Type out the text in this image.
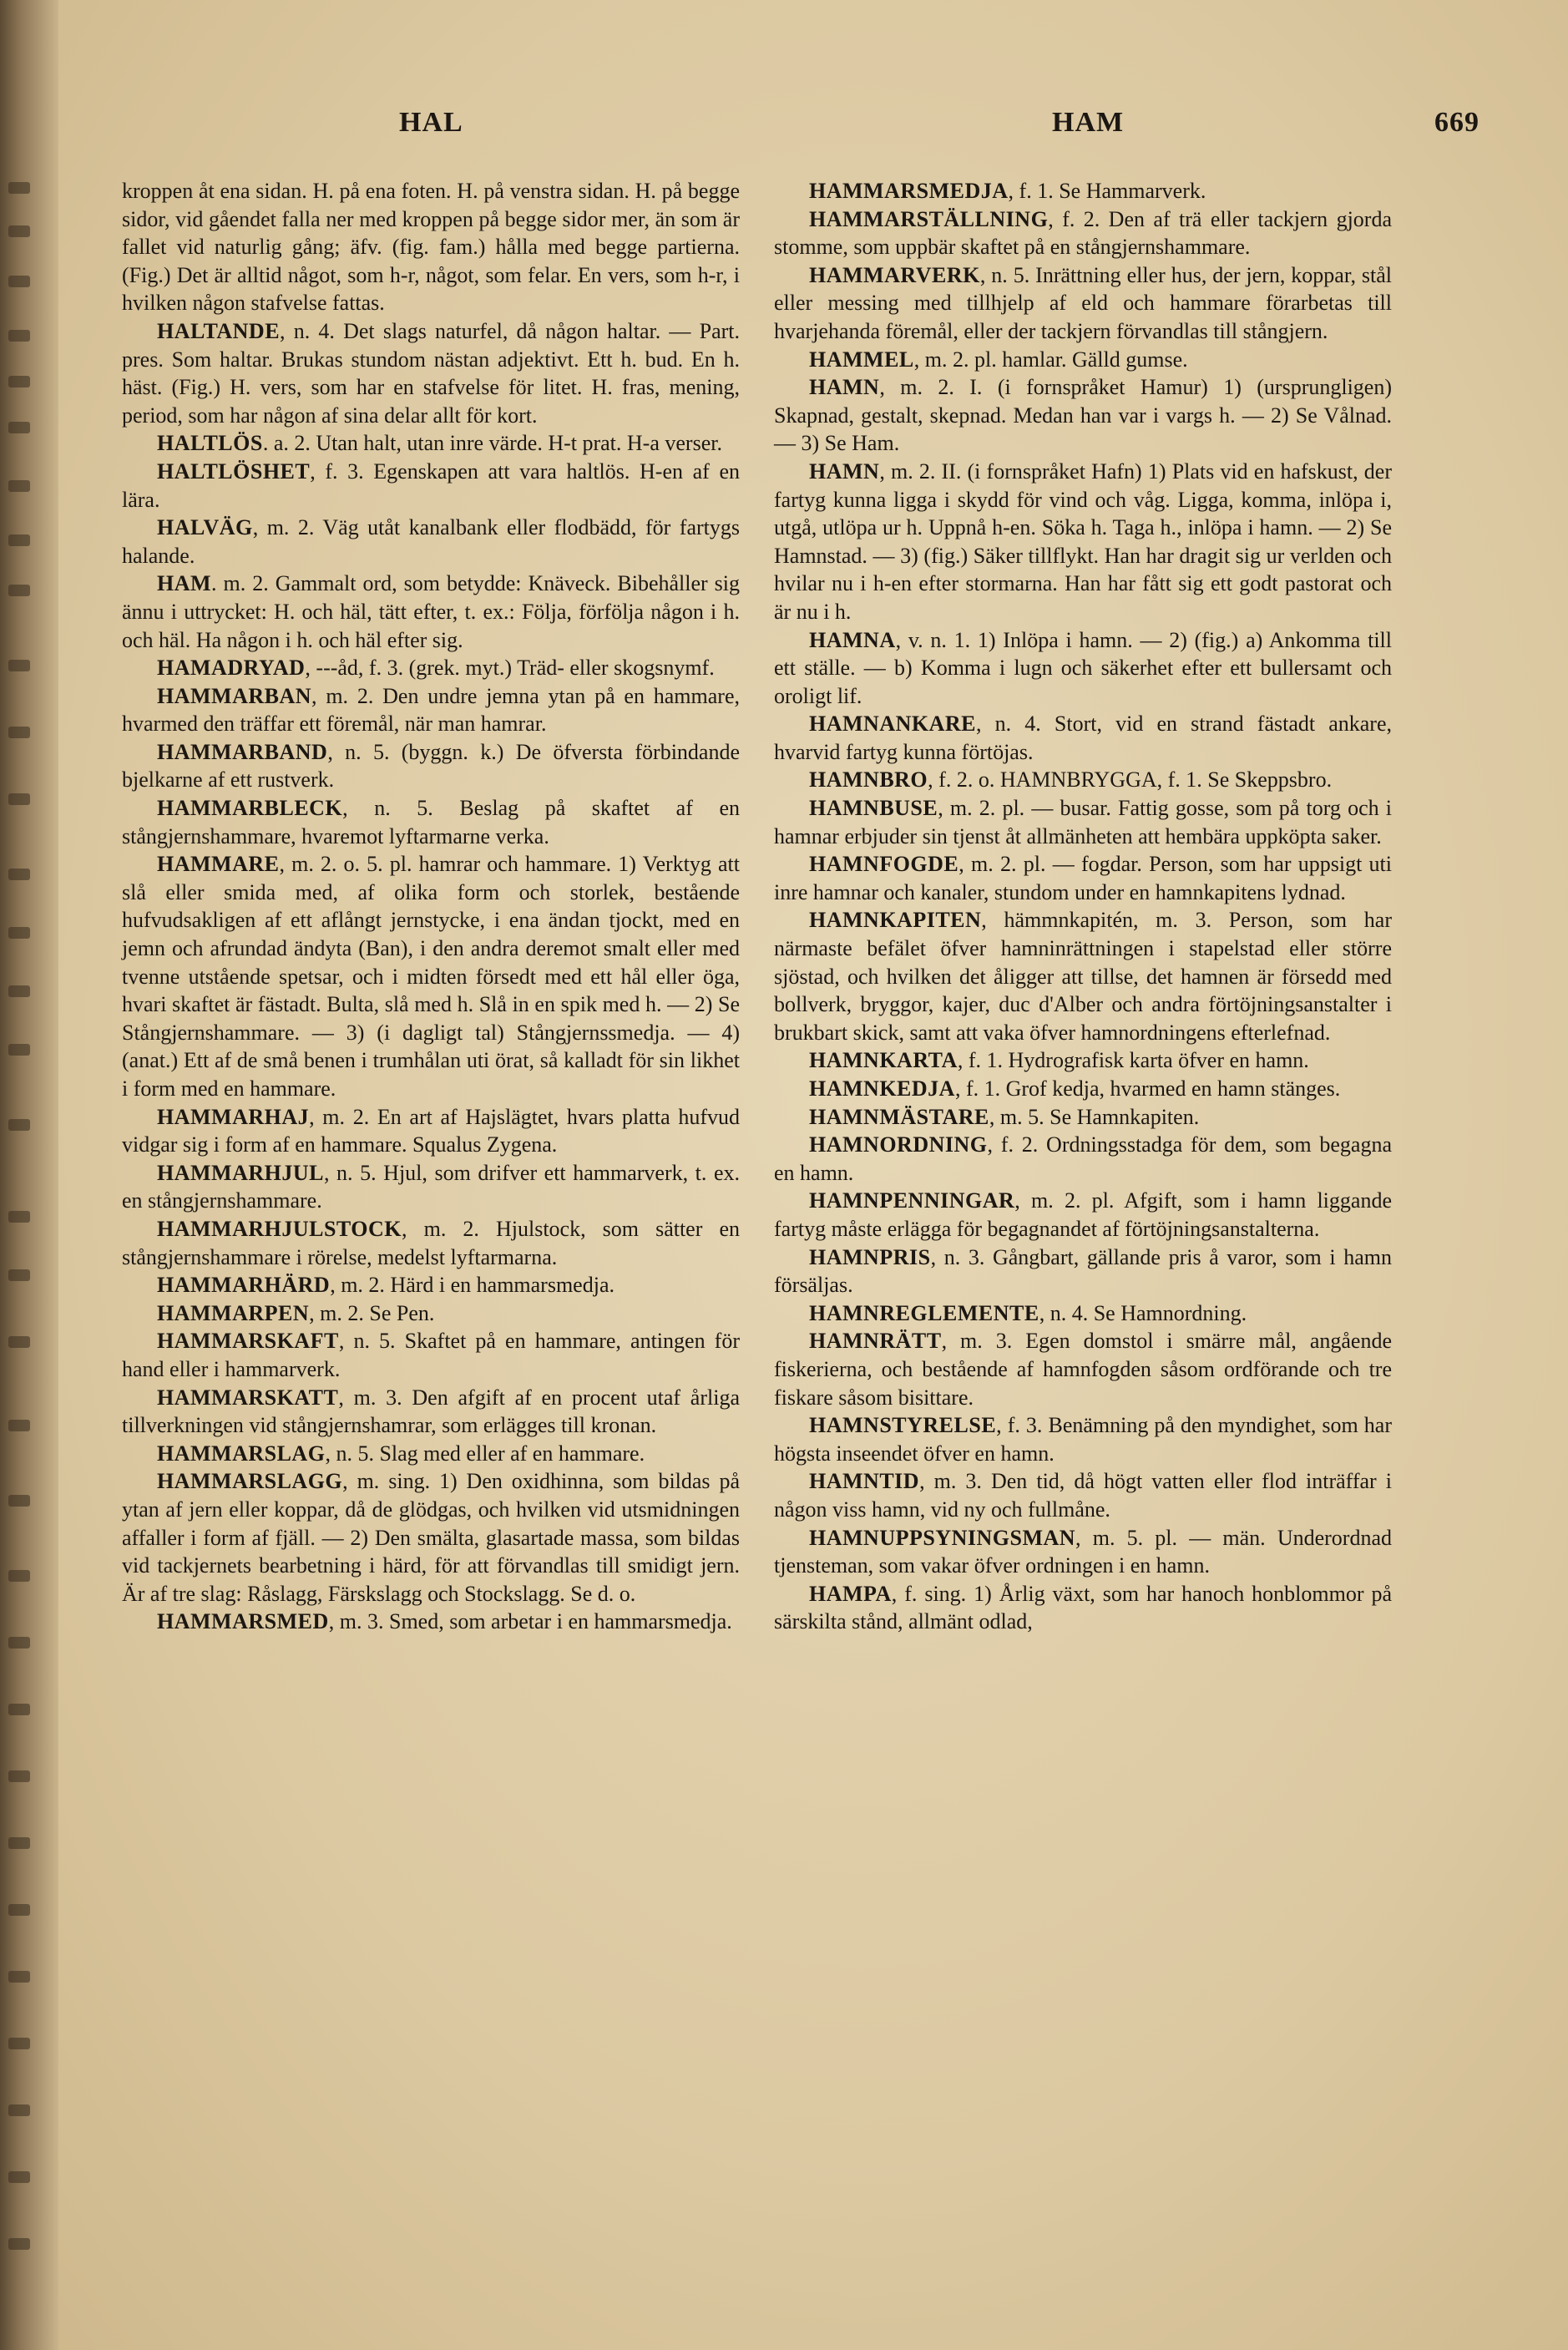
HAL	HAM	669

kroppen åt ena sidan. H. på ena foten. H. på venstra sidan. H. på begge sidor, vid gåendet falla ner med kroppen på begge sidor mer, än som är fallet vid naturlig gång; äfv. (fig. fam.) hålla med begge partierna. (Fig.) Det är alltid något, som h-r, något, som felar. En vers, som h-r, i hvilken någon stafvelse fattas.

HALTANDE, n. 4. Det slags naturfel, då någon haltar. — Part. pres. Som haltar. Brukas stundom nästan adjektivt. Ett h. bud. En h. häst. (Fig.) H. vers, som har en stafvelse för litet. H. fras, mening, period, som har någon af sina delar allt för kort.

HALTLÖS. a. 2. Utan halt, utan inre värde. H-t prat. H-a verser.

HALTLÖSHET, f. 3. Egenskapen att vara haltlös. H-en af en lära.

HALVÄG, m. 2. Väg utåt kanalbank eller flodbädd, för fartygs halande.

HAM. m. 2. Gammalt ord, som betydde: Knäveck. Bibehåller sig ännu i uttrycket: H. och häl, tätt efter, t. ex.: Följa, förfölja någon i h. och häl. Ha någon i h. och häl efter sig.

HAMADRYAD, ---åd, f. 3. (grek. myt.) Träd- eller skogsnymf.

HAMMARBAN, m. 2. Den undre jemna ytan på en hammare, hvarmed den träffar ett föremål, när man hamrar.

HAMMARBAND, n. 5. (byggn. k.) De öfversta förbindande bjelkarne af ett rustverk.

HAMMARBLECK, n. 5. Beslag på skaftet af en stångjernshammare, hvaremot lyftarmarne verka.

HAMMARE, m. 2. o. 5. pl. hamrar och hammare. 1) Verktyg att slå eller smida med, af olika form och storlek, bestående hufvudsakligen af ett aflångt jernstycke, i ena ändan tjockt, med en jemn och afrundad ändyta (Ban), i den andra deremot smalt eller med tvenne utstående spetsar, och i midten försedt med ett hål eller öga, hvari skaftet är fästadt. Bulta, slå med h. Slå in en spik med h. — 2) Se Stångjernshammare. — 3) (i dagligt tal) Stångjernssmedja. — 4) (anat.) Ett af de små benen i trumhålan uti örat, så kalladt för sin likhet i form med en hammare.

HAMMARHAJ, m. 2. En art af Hajslägtet, hvars platta hufvud vidgar sig i form af en hammare. Squalus Zygena.

HAMMARHJUL, n. 5. Hjul, som drifver ett hammarverk, t. ex. en stångjernshammare.

HAMMARHJULSTOCK, m. 2. Hjulstock, som sätter en stångjernshammare i rörelse, medelst lyftarmarna.

HAMMARHÄRD, m. 2. Härd i en hammarsmedja.

HAMMARPEN, m. 2. Se Pen.

HAMMARSKAFT, n. 5. Skaftet på en hammare, antingen för hand eller i hammarverk.

HAMMARSKATT, m. 3. Den afgift af en procent utaf årliga tillverkningen vid stångjernshamrar, som erlägges till kronan.

HAMMARSLAG, n. 5. Slag med eller af en hammare.

HAMMARSLAGG, m. sing. 1) Den oxidhinna, som bildas på ytan af jern eller koppar, då de glödgas, och hvilken vid utsmidningen affaller i form af fjäll. — 2) Den smälta, glasartade massa, som bildas vid tackjernets bearbetning i härd, för att förvandlas till smidigt jern. Är af tre slag: Råslagg, Färskslagg och Stockslagg. Se d. o.

HAMMARSMED, m. 3. Smed, som arbetar i en hammarsmedja.

HAMMARSMEDJA, f. 1. Se Hammarverk.

HAMMARSTÄLLNING, f. 2. Den af trä eller tackjern gjorda stomme, som uppbär skaftet på en stångjernshammare.

HAMMARVERK, n. 5. Inrättning eller hus, der jern, koppar, stål eller messing med tillhjelp af eld och hammare förarbetas till hvarjehanda föremål, eller der tackjern förvandlas till stångjern.

HAMMEL, m. 2. pl. hamlar. Gälld gumse.

HAMN, m. 2. I. (i fornspråket Hamur) 1) (ursprungligen) Skapnad, gestalt, skepnad. Medan han var i vargs h. — 2) Se Vålnad. — 3) Se Ham.

HAMN, m. 2. II. (i fornspråket Hafn) 1) Plats vid en hafskust, der fartyg kunna ligga i skydd för vind och våg. Ligga, komma, inlöpa i, utgå, utlöpa ur h. Uppnå h-en. Söka h. Taga h., inlöpa i hamn. — 2) Se Hamnstad. — 3) (fig.) Säker tillflykt. Han har dragit sig ur verlden och hvilar nu i h-en efter stormarna. Han har fått sig ett godt pastorat och är nu i h.

HAMNA, v. n. 1. 1) Inlöpa i hamn. — 2) (fig.) a) Ankomma till ett ställe. — b) Komma i lugn och säkerhet efter ett bullersamt och oroligt lif.

HAMNANKARE, n. 4. Stort, vid en strand fästadt ankare, hvarvid fartyg kunna förtöjas.

HAMNBRO, f. 2. o. HAMNBRYGGA, f. 1. Se Skeppsbro.

HAMNBUSE, m. 2. pl. — busar. Fattig gosse, som på torg och i hamnar erbjuder sin tjenst åt allmänheten att hembära uppköpta saker.

HAMNFOGDE, m. 2. pl. — fogdar. Person, som har uppsigt uti inre hamnar och kanaler, stundom under en hamnkapitens lydnad.

HAMNKAPITEN, hämmnkapitén, m. 3. Person, som har närmaste befälet öfver hamninrättningen i stapelstad eller större sjöstad, och hvilken det åligger att tillse, det hamnen är försedd med bollverk, bryggor, kajer, duc d'Alber och andra förtöjningsanstalter i brukbart skick, samt att vaka öfver hamnordningens efterlefnad.

HAMNKARTA, f. 1. Hydrografisk karta öfver en hamn.

HAMNKEDJA, f. 1. Grof kedja, hvarmed en hamn stänges.

HAMNMÄSTARE, m. 5. Se Hamnkapiten.

HAMNORDNING, f. 2. Ordningsstadga för dem, som begagna en hamn.

HAMNPENNINGAR, m. 2. pl. Afgift, som i hamn liggande fartyg måste erlägga för begagnandet af förtöjningsanstalterna.

HAMNPRIS, n. 3. Gångbart, gällande pris å varor, som i hamn försäljas.

HAMNREGLEMENTE, n. 4. Se Hamnordning.

HAMNRÄTT, m. 3. Egen domstol i smärre mål, angående fiskerierna, och bestående af hamnfogden såsom ordförande och tre fiskare såsom bisittare.

HAMNSTYRELSE, f. 3. Benämning på den myndighet, som har högsta inseendet öfver en hamn.

HAMNTID, m. 3. Den tid, då högt vatten eller flod inträffar i någon viss hamn, vid ny och fullmåne.

HAMNUPPSYNINGSMAN, m. 5. pl. — män. Underordnad tjensteman, som vakar öfver ordningen i en hamn.

HAMPA, f. sing. 1) Årlig växt, som har hanoch honblommor på särskilta stånd, allmänt odlad,
